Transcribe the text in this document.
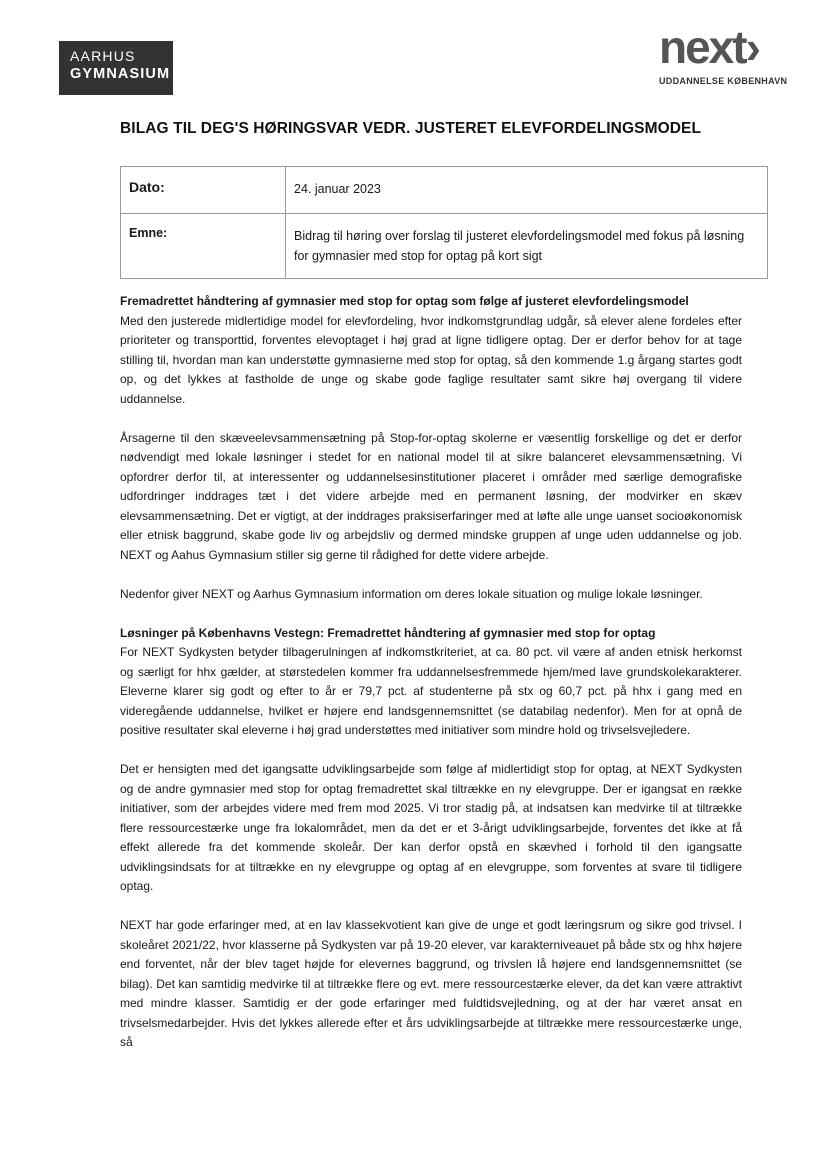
AARHUS
GYMNASIUM
next›
UDDANNELSE KØBENHAVN
BILAG TIL DEG'S HØRINGSVAR VEDR. JUSTERET ELEVFORDELINGSMODEL
Dato:	24. januar 2023
Emne:	Bidrag til høring over forslag til justeret elevfordelingsmodel med fokus på løsning for gymnasier med stop for optag på kort sigt

Fremadrettet håndtering af gymnasier med stop for optag som følge af justeret elevfordelingsmodel
Med den justerede midlertidige model for elevfordeling, hvor indkomstgrundlag udgår, så elever alene fordeles efter prioriteter og transporttid, forventes elevoptaget i høj grad at ligne tidligere optag. Der er derfor behov for at tage stilling til, hvordan man kan understøtte gymnasierne med stop for optag, så den kommende 1.g årgang startes godt op, og det lykkes at fastholde de unge og skabe gode faglige resultater samt sikre høj overgang til videre uddannelse.

Årsagerne til den skæveelevsammensætning på Stop-for-optag skolerne er væsentlig forskellige og det er derfor nødvendigt med lokale løsninger i stedet for en national model til at sikre balanceret elevsammensætning. Vi opfordrer derfor til, at interessenter og uddannelsesinstitutioner placeret i områder med særlige demografiske udfordringer inddrages tæt i det videre arbejde med en permanent løsning, der modvirker en skæv elevsammensætning. Det er vigtigt, at der inddrages praksiserfaringer med at løfte alle unge uanset socioøkonomisk eller etnisk baggrund, skabe gode liv og arbejdsliv og dermed mindske gruppen af unge uden uddannelse og job. NEXT og Aahus Gymnasium stiller sig gerne til rådighed for dette videre arbejde.

Nedenfor giver NEXT og Aarhus Gymnasium information om deres lokale situation og mulige lokale løsninger.

Løsninger på Københavns Vestegn: Fremadrettet håndtering af gymnasier med stop for optag
For NEXT Sydkysten betyder tilbagerulningen af indkomstkriteriet, at ca. 80 pct. vil være af anden etnisk herkomst og særligt for hhx gælder, at størstedelen kommer fra uddannelsesfremmede hjem/med lave grundskolekarakterer. Eleverne klarer sig godt og efter to år er 79,7 pct. af studenterne på stx og 60,7 pct. på hhx i gang med en videregående uddannelse, hvilket er højere end landsgennemsnittet (se databilag nedenfor). Men for at opnå de positive resultater skal eleverne i høj grad understøttes med initiativer som mindre hold og trivselsvejledere.

Det er hensigten med det igangsatte udviklingsarbejde som følge af midlertidigt stop for optag, at NEXT Sydkysten og de andre gymnasier med stop for optag fremadrettet skal tiltrække en ny elevgruppe. Der er igangsat en række initiativer, som der arbejdes videre med frem mod 2025. Vi tror stadig på, at indsatsen kan medvirke til at tiltrække flere ressourcestærke unge fra lokalområdet, men da det er et 3-årigt udviklingsarbejde, forventes det ikke at få effekt allerede fra det kommende skoleår. Der kan derfor opstå en skævhed i forhold til den igangsatte udviklingsindsats for at tiltrække en ny elevgruppe og optag af en elevgruppe, som forventes at svare til tidligere optag.

NEXT har gode erfaringer med, at en lav klassekvotient kan give de unge et godt læringsrum og sikre god trivsel. I skoleåret 2021/22, hvor klasserne på Sydkysten var på 19-20 elever, var karakterniveauet på både stx og hhx højere end forventet, når der blev taget højde for elevernes baggrund, og trivslen lå højere end landsgennemsnittet (se bilag). Det kan samtidig medvirke til at tiltrække flere og evt. mere ressourcestærke elever, da det kan være attraktivt med mindre klasser. Samtidig er der gode erfaringer med fuldtidsvejledning, og at der har været ansat en trivselsmedarbejder. Hvis det lykkes allerede efter et års udviklingsarbejde at tiltrække mere ressourcestærke unge, så
